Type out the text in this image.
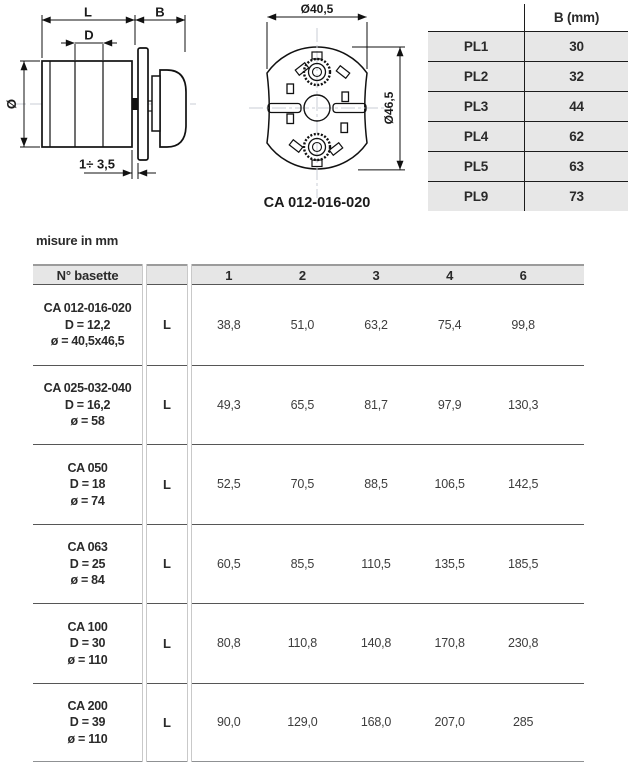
L	B
D
Ø
1÷ 3,5
Ø40,5
Ø46,5
CA 012-016-020
B (mm)
PL1	30
PL2	32
PL3	44
PL4	62
PL5	63
PL9	73
misure in mm
N° basette	1	2	3	4	6
CA 012-016-020
D = 12,2
ø = 40,5x46,5
L	38,8	51,0	63,2	75,4	99,8
CA 025-032-040
D = 16,2
ø = 58
L	49,3	65,5	81,7	97,9	130,3
CA 050
D = 18
ø = 74
L	52,5	70,5	88,5	106,5	142,5
CA 063
D = 25
ø = 84
L	60,5	85,5	110,5	135,5	185,5
CA 100
D = 30
ø = 110
L	80,8	110,8	140,8	170,8	230,8
CA 200
D = 39
ø = 110
L	90,0	129,0	168,0	207,0	285
